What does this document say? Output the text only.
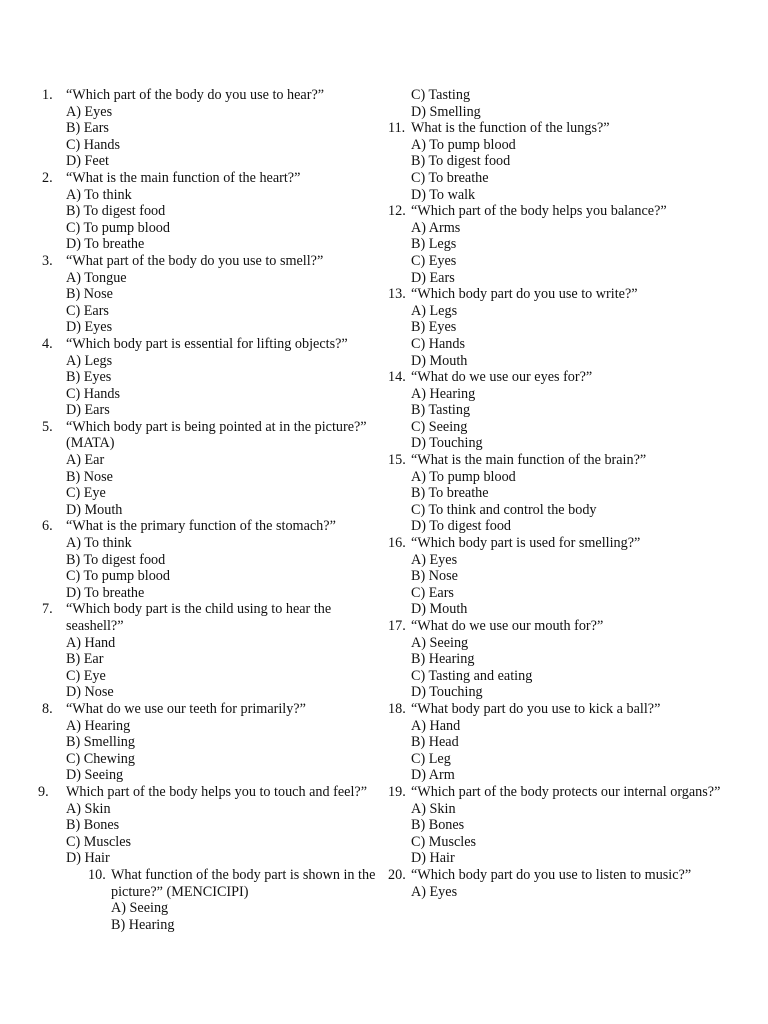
1. “Which part of the body do you use to hear?”
A) Eyes
B) Ears
C) Hands
D) Feet
2. “What is the main function of the heart?”
A) To think
B) To digest food
C) To pump blood
D) To breathe
3. “What part of the body do you use to smell?”
A) Tongue
B) Nose
C) Ears
D) Eyes
4. “Which body part is essential for lifting objects?”
A) Legs
B) Eyes
C) Hands
D) Ears
5. “Which body part is being pointed at in the picture?” (MATA)
A) Ear
B) Nose
C) Eye
D) Mouth
6. “What is the primary function of the stomach?”
A) To think
B) To digest food
C) To pump blood
D) To breathe
7. “Which body part is the child using to hear the seashell?”
A) Hand
B) Ear
C) Eye
D) Nose
8. “What do we use our teeth for primarily?”
A) Hearing
B) Smelling
C) Chewing
D) Seeing
9. Which part of the body helps you to touch and feel?”
A) Skin
B) Bones
C) Muscles
D) Hair
10. What function of the body part is shown in the picture?” (MENCICIPI)
A) Seeing
B) Hearing
C) Tasting
D) Smelling
11. What is the function of the lungs?”
A) To pump blood
B) To digest food
C) To breathe
D) To walk
12. “Which part of the body helps you balance?”
A) Arms
B) Legs
C) Eyes
D) Ears
13. “Which body part do you use to write?”
A) Legs
B) Eyes
C) Hands
D) Mouth
14. “What do we use our eyes for?”
A) Hearing
B) Tasting
C) Seeing
D) Touching
15. “What is the main function of the brain?”
A) To pump blood
B) To breathe
C) To think and control the body
D) To digest food
16. “Which body part is used for smelling?”
A) Eyes
B) Nose
C) Ears
D) Mouth
17. “What do we use our mouth for?”
A) Seeing
B) Hearing
C) Tasting and eating
D) Touching
18. “What body part do you use to kick a ball?”
A) Hand
B) Head
C) Leg
D) Arm
19. “Which part of the body protects our internal organs?”
A) Skin
B) Bones
C) Muscles
D) Hair
20. “Which body part do you use to listen to music?”
A) Eyes
